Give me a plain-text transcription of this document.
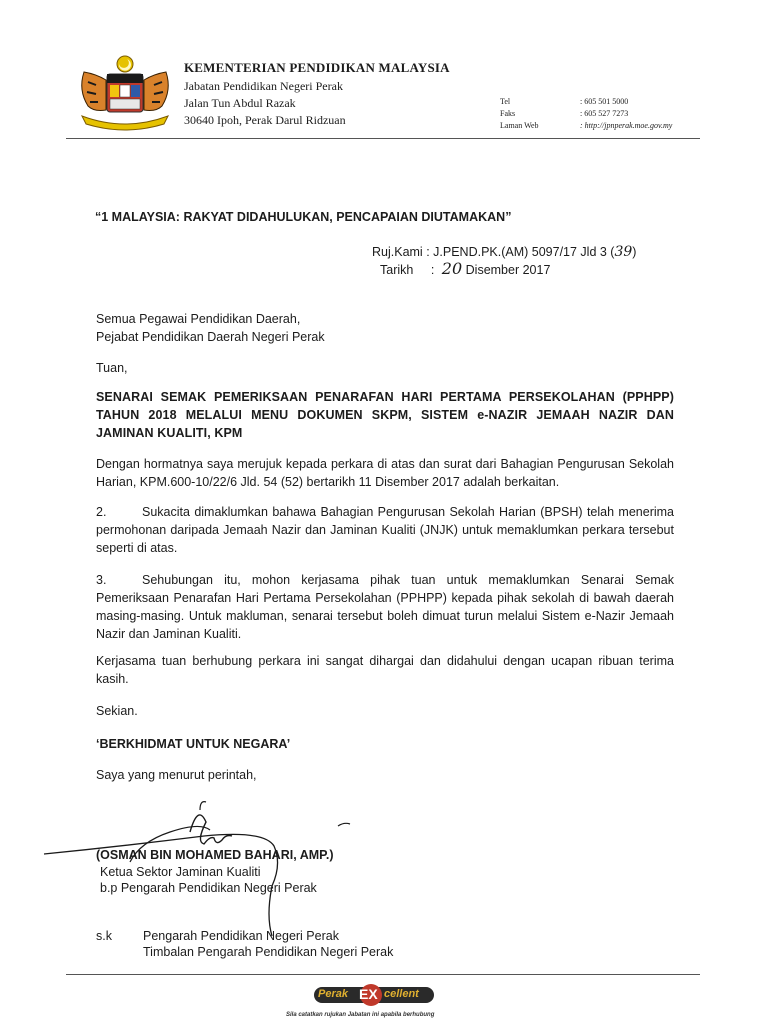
KEMENTERIAN PENDIDIKAN MALAYSIA
Jabatan Pendidikan Negeri Perak
Jalan Tun Abdul Razak
30640 Ipoh, Perak Darul Ridzuan
Tel	: 605 501 5000
Faks	: 605 527 7273
Laman Web	: http://jpnperak.moe.gov.my
“1 MALAYSIA: RAKYAT DIDAHULUKAN, PENCAPAIAN DIUTAMAKAN”
Ruj.Kami : J.PEND.PK.(AM) 5097/17 Jld 3 (39)
Tarikh : 20 Disember 2017
Semua Pegawai Pendidikan Daerah,
Pejabat Pendidikan Daerah Negeri Perak
Tuan,
SENARAI SEMAK PEMERIKSAAN PENARAFAN HARI PERTAMA PERSEKOLAHAN (PPHPP) TAHUN 2018 MELALUI MENU DOKUMEN SKPM, SISTEM e-NAZIR JEMAAH NAZIR DAN JAMINAN KUALITI, KPM
Dengan hormatnya saya merujuk kepada perkara di atas dan surat dari Bahagian Pengurusan Sekolah Harian, KPM.600-10/22/6 Jld. 54 (52) bertarikh 11 Disember 2017 adalah berkaitan.
2.	Sukacita dimaklumkan bahawa Bahagian Pengurusan Sekolah Harian (BPSH) telah menerima permohonan daripada Jemaah Nazir dan Jaminan Kualiti (JNJK) untuk memaklumkan perkara tersebut seperti di atas.
3.	Sehubungan itu, mohon kerjasama pihak tuan untuk memaklumkan Senarai Semak Pemeriksaan Penarafan Hari Pertama Persekolahan (PPHPP) kepada pihak sekolah di bawah daerah masing-masing. Untuk makluman, senarai tersebut boleh dimuat turun melalui Sistem e-Nazir Jemaah Nazir dan Jaminan Kualiti.
Kerjasama tuan berhubung perkara ini sangat dihargai dan didahului dengan ucapan ribuan terima kasih.
Sekian.
‘BERKHIDMAT UNTUK NEGARA’
Saya yang menurut perintah,
(OSMAN BIN MOHAMED BAHARI, AMP.)
Ketua Sektor Jaminan Kualiti
b.p Pengarah Pendidikan Negeri Perak
s.k Pengarah Pendidikan Negeri Perak
Timbalan Pengarah Pendidikan Negeri Perak
Perak EX cellent
Sila catatkan rujukan Jabatan ini apabila berhubung
